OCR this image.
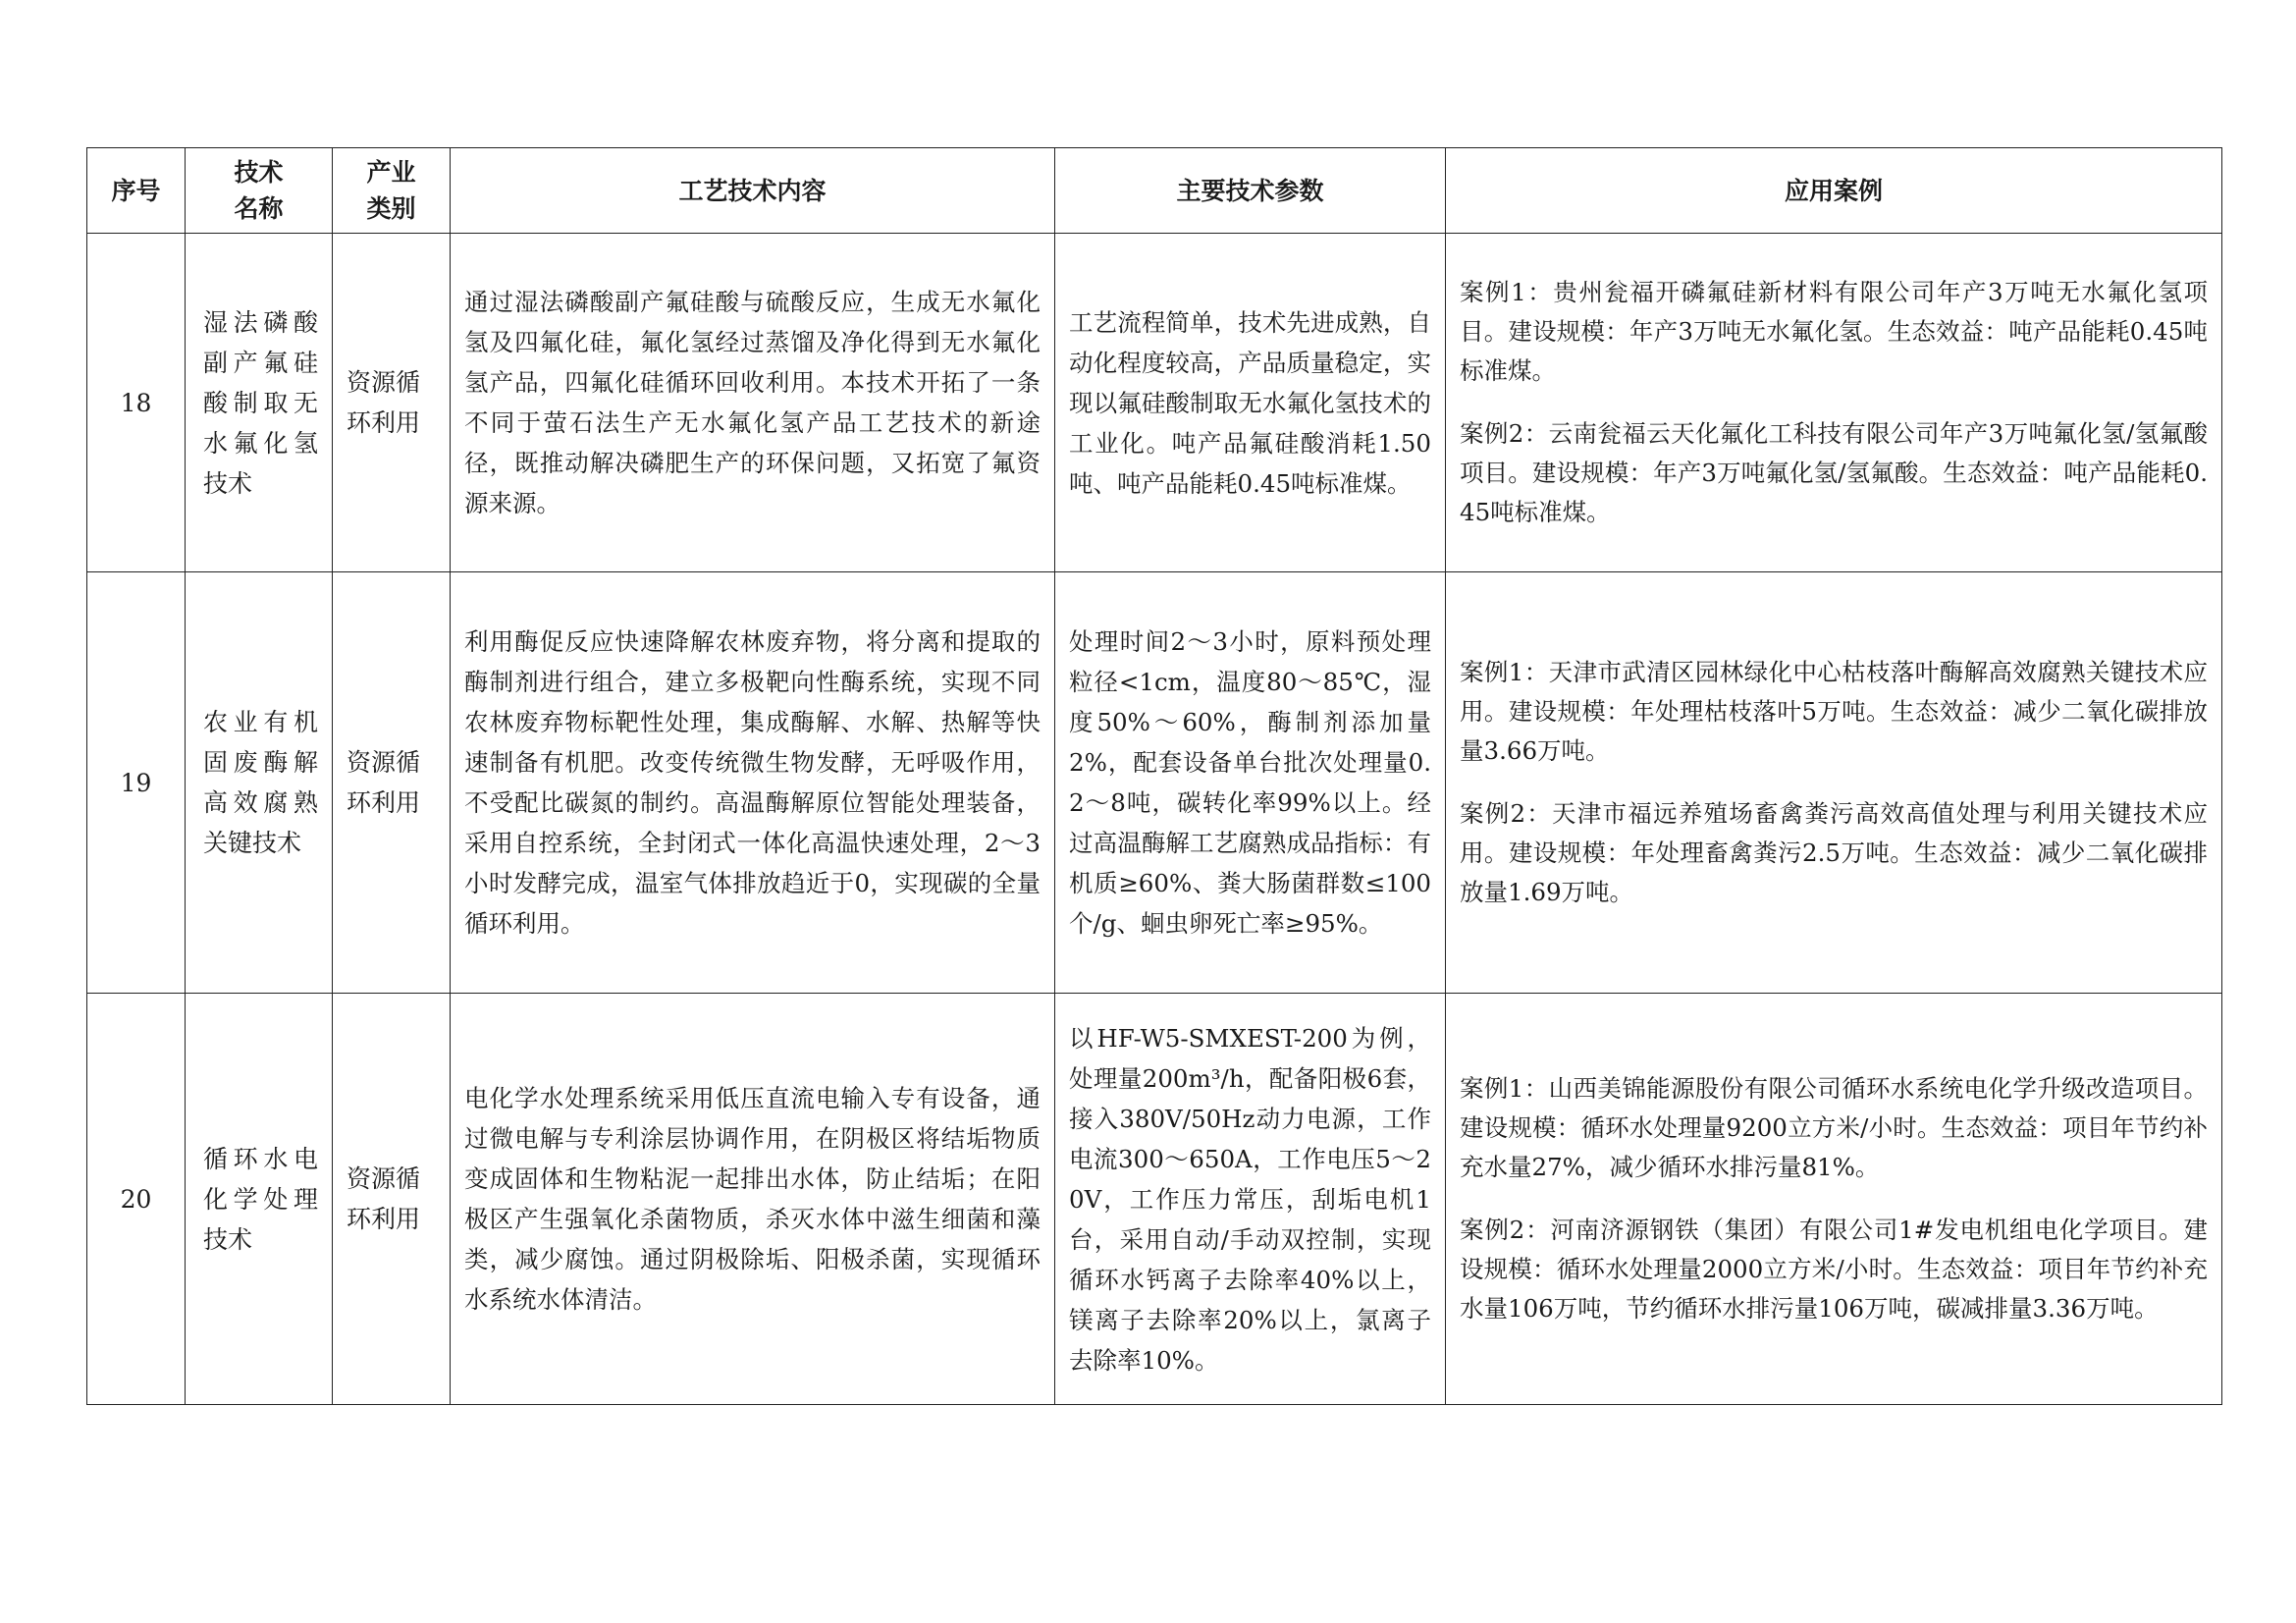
序号	技术名称	产业类别	工艺技术内容	主要技术参数	应用案例
18	湿法磷酸副产氟硅酸制取无水氟化氢技术	资源循环利用	通过湿法磷酸副产氟硅酸与硫酸反应，生成无水氟化氢及四氟化硅，氟化氢经过蒸馏及净化得到无水氟化氢产品，四氟化硅循环回收利用。本技术开拓了一条不同于萤石法生产无水氟化氢产品工艺技术的新途径，既推动解决磷肥生产的环保问题，又拓宽了氟资源来源。	工艺流程简单，技术先进成熟，自动化程度较高，产品质量稳定，实现以氟硅酸制取无水氟化氢技术的工业化。吨产品氟硅酸消耗1.50吨、吨产品能耗0.45吨标准煤。	案例1：贵州瓮福开磷氟硅新材料有限公司年产3万吨无水氟化氢项目。建设规模：年产3万吨无水氟化氢。生态效益：吨产品能耗0.45吨标准煤。
案例2：云南瓮福云天化氟化工科技有限公司年产3万吨氟化氢/氢氟酸项目。建设规模：年产3万吨氟化氢/氢氟酸。生态效益：吨产品能耗0.45吨标准煤。

19	农业有机固废酶解高效腐熟关键技术	资源循环利用	利用酶促反应快速降解农林废弃物，将分离和提取的酶制剂进行组合，建立多极靶向性酶系统，实现不同农林废弃物标靶性处理，集成酶解、水解、热解等快速制备有机肥。改变传统微生物发酵，无呼吸作用，不受配比碳氮的制约。高温酶解原位智能处理装备，采用自控系统，全封闭式一体化高温快速处理，2～3小时发酵完成，温室气体排放趋近于0，实现碳的全量循环利用。	处理时间2～3小时，原料预处理粒径<1cm，温度80～85℃，湿度50%～60%，酶制剂添加量2%，配套设备单台批次处理量0.2～8吨，碳转化率99%以上。经过高温酶解工艺腐熟成品指标：有机质≥60%、粪大肠菌群数≤100个/g、蛔虫卵死亡率≥95%。	案例1：天津市武清区园林绿化中心枯枝落叶酶解高效腐熟关键技术应用。建设规模：年处理枯枝落叶5万吨。生态效益：减少二氧化碳排放量3.66万吨。
案例2：天津市福远养殖场畜禽粪污高效高值处理与利用关键技术应用。建设规模：年处理畜禽粪污2.5万吨。生态效益：减少二氧化碳排放量1.69万吨。

20	循环水电化学处理技术	资源循环利用	电化学水处理系统采用低压直流电输入专有设备，通过微电解与专利涂层协调作用，在阴极区将结垢物质变成固体和生物粘泥一起排出水体，防止结垢；在阳极区产生强氧化杀菌物质，杀灭水体中滋生细菌和藻类，减少腐蚀。通过阴极除垢、阳极杀菌，实现循环水系统水体清洁。	以HF-W5-SMXEST-200为例，处理量200m³/h，配备阳极6套，接入380V/50Hz动力电源，工作电流300～650A，工作电压5～20V，工作压力常压，刮垢电机1台，采用自动/手动双控制，实现循环水钙离子去除率40%以上，镁离子去除率20%以上，氯离子去除率10%。	案例1：山西美锦能源股份有限公司循环水系统电化学升级改造项目。建设规模：循环水处理量9200立方米/小时。生态效益：项目年节约补充水量27%，减少循环水排污量81%。
案例2：河南济源钢铁（集团）有限公司1#发电机组电化学项目。建设规模：循环水处理量2000立方米/小时。生态效益：项目年节约补充水量106万吨，节约循环水排污量106万吨，碳减排量3.36万吨。
